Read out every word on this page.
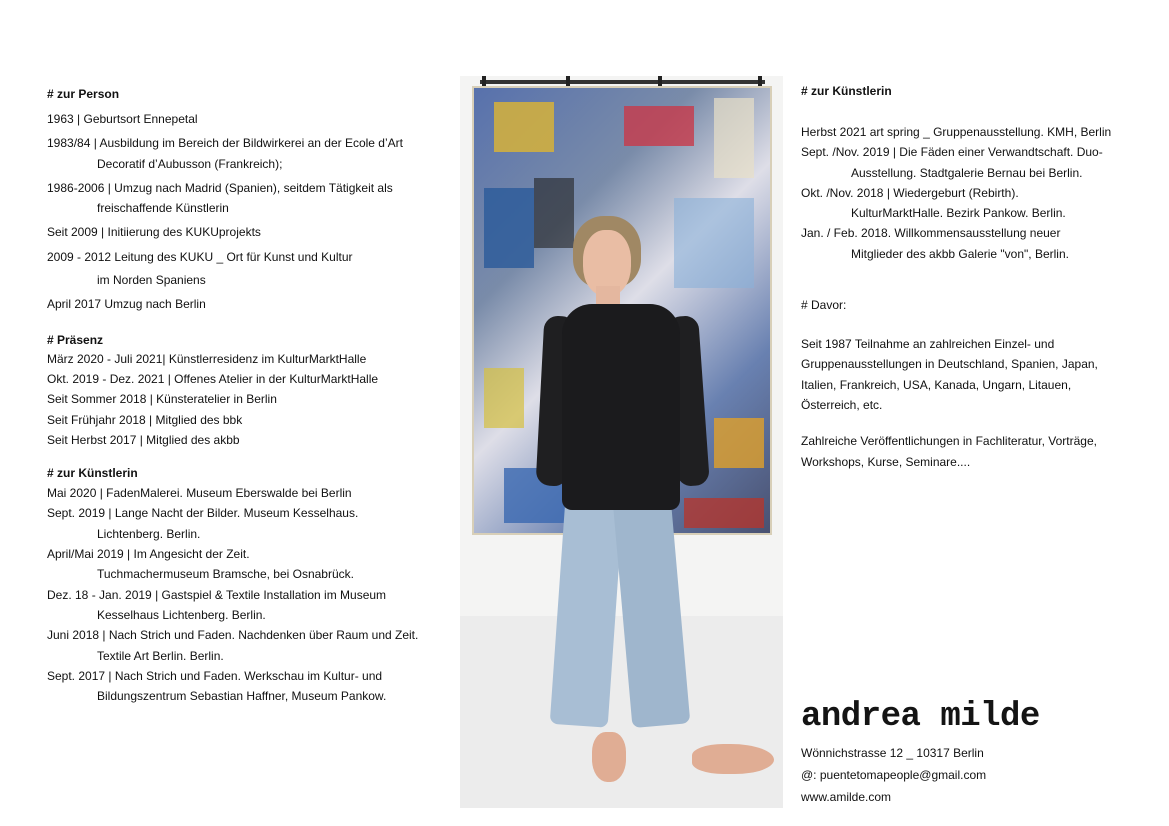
# zur Person
1963 | Geburtsort Ennepetal
1983/84 | Ausbildung im Bereich der Bildwirkerei an der Ecole d’Art
Decoratif d’Aubusson (Frankreich);
1986-2006 | Umzug nach Madrid (Spanien), seitdem Tätigkeit als
freischaffende Künstlerin
Seit 2009 | Initiierung des KUKUprojekts
2009 - 2012 Leitung des KUKU _ Ort für Kunst und Kultur
im Norden Spaniens
April 2017 Umzug nach Berlin
# Präsenz
März 2020 - Juli 2021| Künstlerresidenz im KulturMarktHalle
Okt. 2019 - Dez. 2021 | Offenes Atelier in der KulturMarktHalle
Seit Sommer 2018 | Künsteratelier in Berlin
Seit Frühjahr 2018 | Mitglied des bbk
Seit Herbst 2017 | Mitglied des akbb
# zur Künstlerin
Mai 2020 | FadenMalerei. Museum Eberswalde bei Berlin
Sept. 2019 | Lange Nacht der Bilder. Museum Kesselhaus.
Lichtenberg. Berlin.
April/Mai 2019 | Im Angesicht der Zeit.
Tuchmachermuseum Bramsche, bei Osnabrück.
Dez. 18 - Jan. 2019 | Gastspiel & Textile Installation im Museum
Kesselhaus Lichtenberg. Berlin.
Juni 2018 | Nach Strich und Faden. Nachdenken über Raum und Zeit.
Textile Art Berlin. Berlin.
Sept. 2017 | Nach Strich und Faden. Werkschau im Kultur- und
Bildungszentrum Sebastian Haffner, Museum Pankow.
# zur Künstlerin
Herbst 2021 art spring _ Gruppenausstellung. KMH, Berlin
Sept. /Nov. 2019 | Die Fäden einer Verwandtschaft. Duo-
Ausstellung. Stadtgalerie Bernau bei Berlin.
Okt. /Nov. 2018 | Wiedergeburt (Rebirth).
KulturMarktHalle. Bezirk Pankow. Berlin.
Jan. / Feb. 2018. Willkommensausstellung neuer
Mitglieder des akbb Galerie "von", Berlin.
# Davor:
Seit 1987 Teilnahme an zahlreichen Einzel- und
Gruppenausstellungen in Deutschland, Spanien, Japan,
Italien, Frankreich, USA, Kanada, Ungarn, Litauen,
Österreich, etc.
Zahlreiche Veröffentlichungen in Fachliteratur, Vorträge,
Workshops, Kurse, Seminare....
andrea milde
Wönnichstrasse 12 _ 10317 Berlin
@: puentetomapeople@gmail.com
www.amilde.com
